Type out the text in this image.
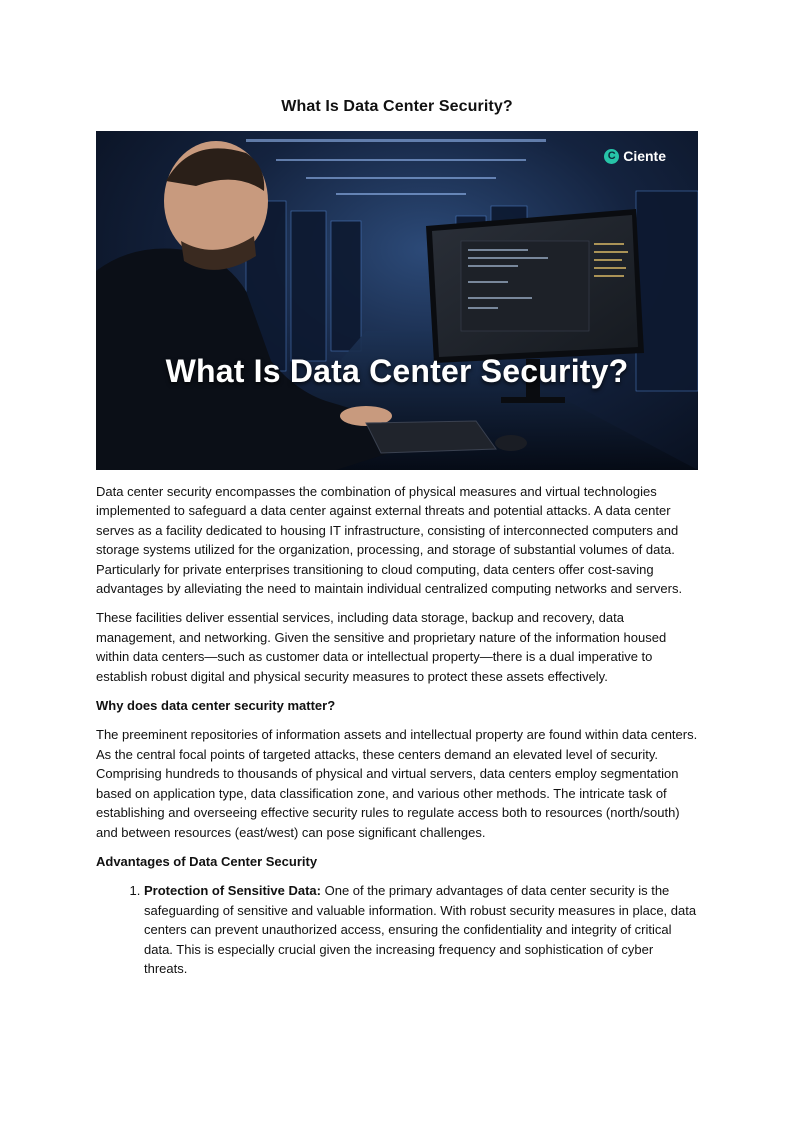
What Is Data Center Security?
C Ciente
What Is Data Center Security?

Data center security encompasses the combination of physical measures and virtual technologies implemented to safeguard a data center against external threats and potential attacks. A data center serves as a facility dedicated to housing IT infrastructure, consisting of interconnected computers and storage systems utilized for the organization, processing, and storage of substantial volumes of data. Particularly for private enterprises transitioning to cloud computing, data centers offer cost-saving advantages by alleviating the need to maintain individual centralized computing networks and servers.

These facilities deliver essential services, including data storage, backup and recovery, data management, and networking. Given the sensitive and proprietary nature of the information housed within data centers—such as customer data or intellectual property—there is a dual imperative to establish robust digital and physical security measures to protect these assets effectively.

Why does data center security matter?

The preeminent repositories of information assets and intellectual property are found within data centers. As the central focal points of targeted attacks, these centers demand an elevated level of security. Comprising hundreds to thousands of physical and virtual servers, data centers employ segmentation based on application type, data classification zone, and various other methods. The intricate task of establishing and overseeing effective security rules to regulate access both to resources (north/south) and between resources (east/west) can pose significant challenges.

Advantages of Data Center Security
1. Protection of Sensitive Data: One of the primary advantages of data center security is the safeguarding of sensitive and valuable information. With robust security measures in place, data centers can prevent unauthorized access, ensuring the confidentiality and integrity of critical data. This is especially crucial given the increasing frequency and sophistication of cyber threats.
